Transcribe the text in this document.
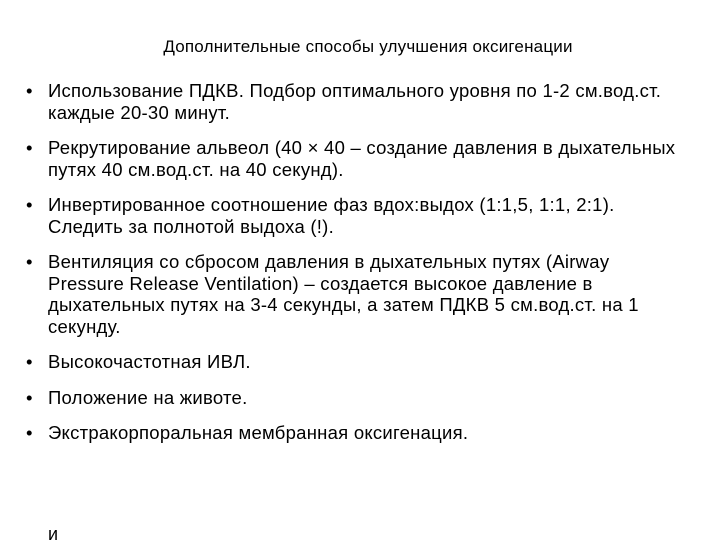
Дополнительные способы улучшения оксигенации
• Использование ПДКВ. Подбор оптимального уровня по 1-2 см.вод.ст. каждые 20-30 минут.
• Рекрутирование альвеол (40 × 40 – создание давления в дыхательных путях 40 см.вод.ст. на 40 секунд).
• Инвертированное соотношение фаз вдох:выдох (1:1,5, 1:1, 2:1). Следить за полнотой выдоха (!).
• Вентиляция со сбросом давления в дыхательных путях (Airway Pressure Release Ventilation) – создается высокое давление в дыхательных путях на 3-4 секунды, а затем ПДКВ 5 см.вод.ст. на 1 секунду.
• Высокочастотная ИВЛ.
• Положение на животе.
• Экстракорпоральная мембранная оксигенация.
и
